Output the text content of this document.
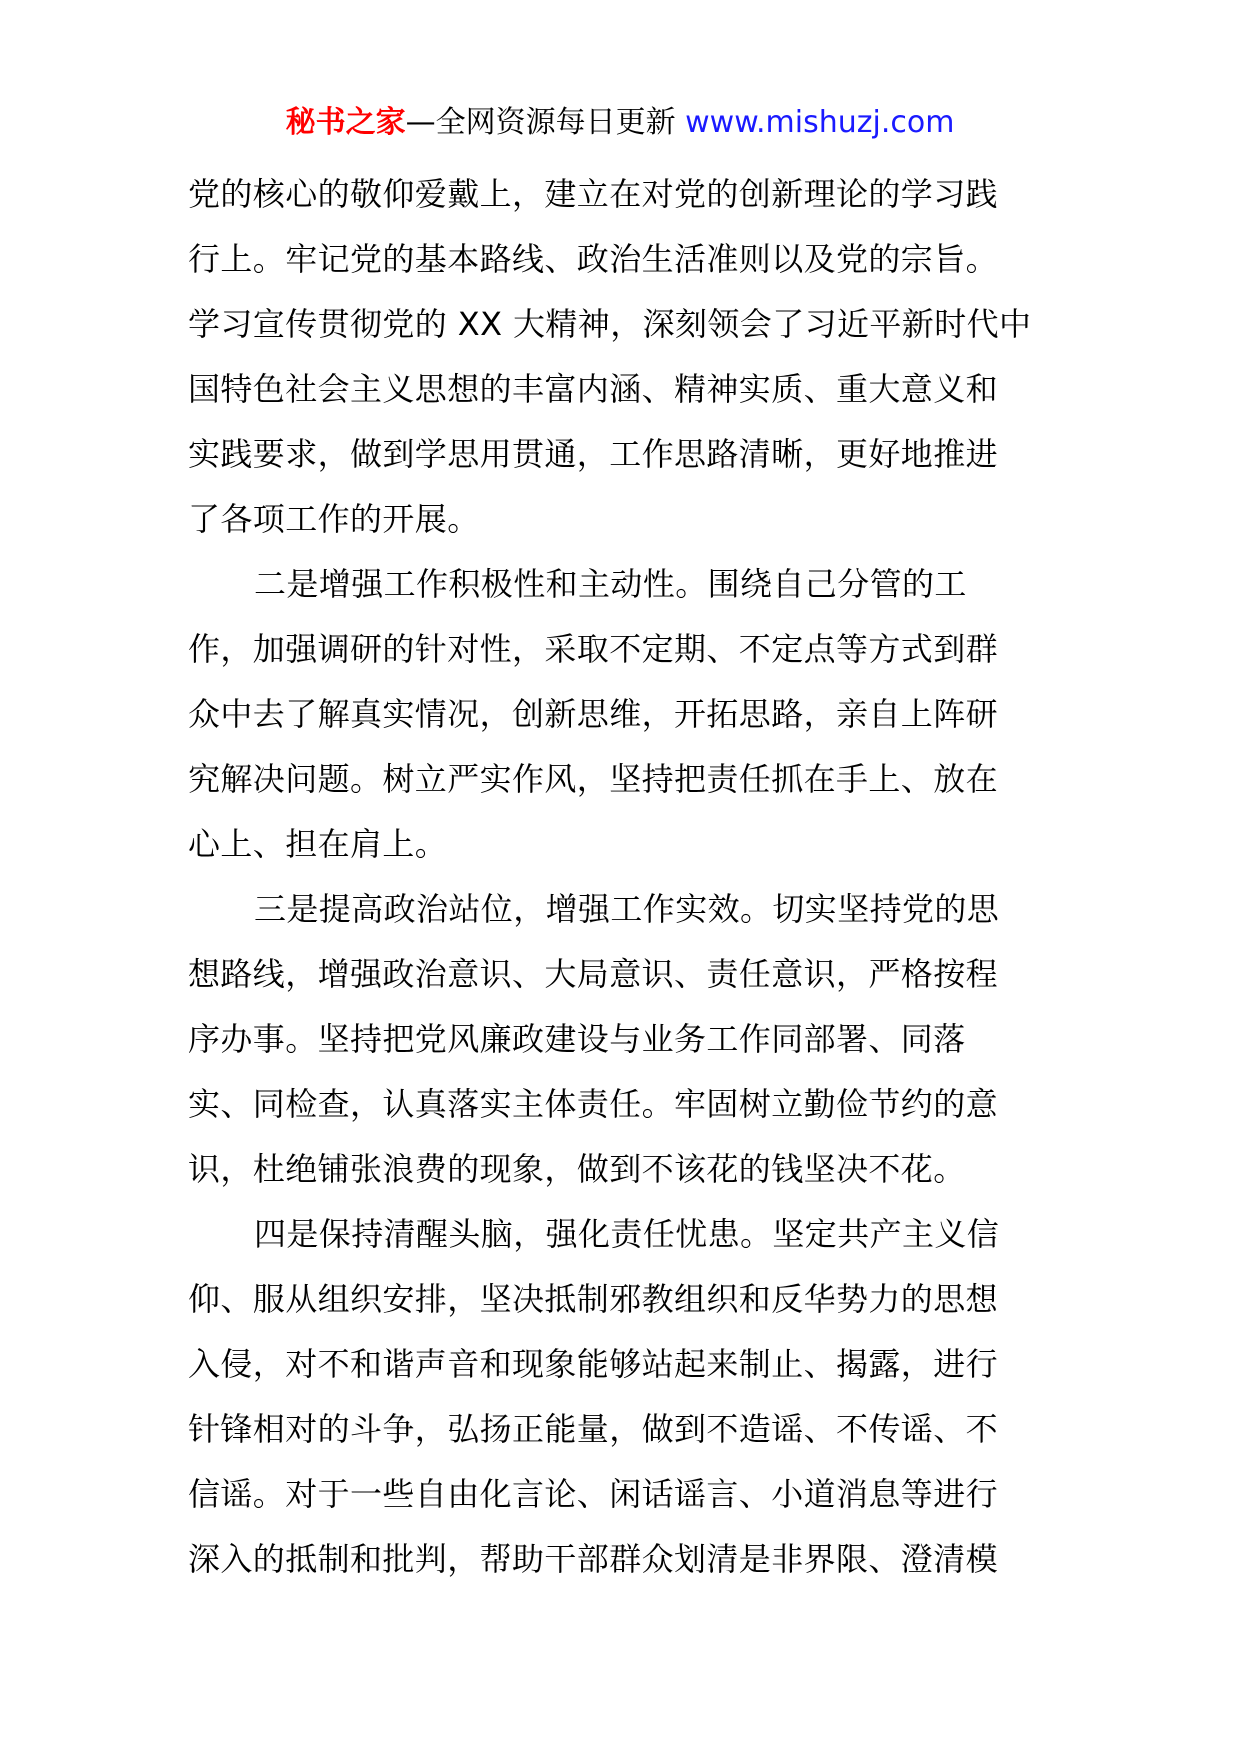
秘书之家—全网资源每日更新 www.mishuzj.com
党的核心的敬仰爱戴上，建立在对党的创新理论的学习践
行上。牢记党的基本路线、政治生活准则以及党的宗旨。
学习宣传贯彻党的 XX 大精神，深刻领会了习近平新时代中
国特色社会主义思想的丰富内涵、精神实质、重大意义和
实践要求，做到学思用贯通，工作思路清晰，更好地推进
了各项工作的开展。
二是增强工作积极性和主动性。围绕自己分管的工
作，加强调研的针对性，采取不定期、不定点等方式到群
众中去了解真实情况，创新思维，开拓思路，亲自上阵研
究解决问题。树立严实作风，坚持把责任抓在手上、放在
心上、担在肩上。
三是提高政治站位，增强工作实效。切实坚持党的思
想路线，增强政治意识、大局意识、责任意识，严格按程
序办事。坚持把党风廉政建设与业务工作同部署、同落
实、同检查，认真落实主体责任。牢固树立勤俭节约的意
识，杜绝铺张浪费的现象，做到不该花的钱坚决不花。
四是保持清醒头脑，强化责任忧患。坚定共产主义信
仰、服从组织安排，坚决抵制邪教组织和反华势力的思想
入侵，对不和谐声音和现象能够站起来制止、揭露，进行
针锋相对的斗争，弘扬正能量，做到不造谣、不传谣、不
信谣。对于一些自由化言论、闲话谣言、小道消息等进行
深入的抵制和批判，帮助干部群众划清是非界限、澄清模
